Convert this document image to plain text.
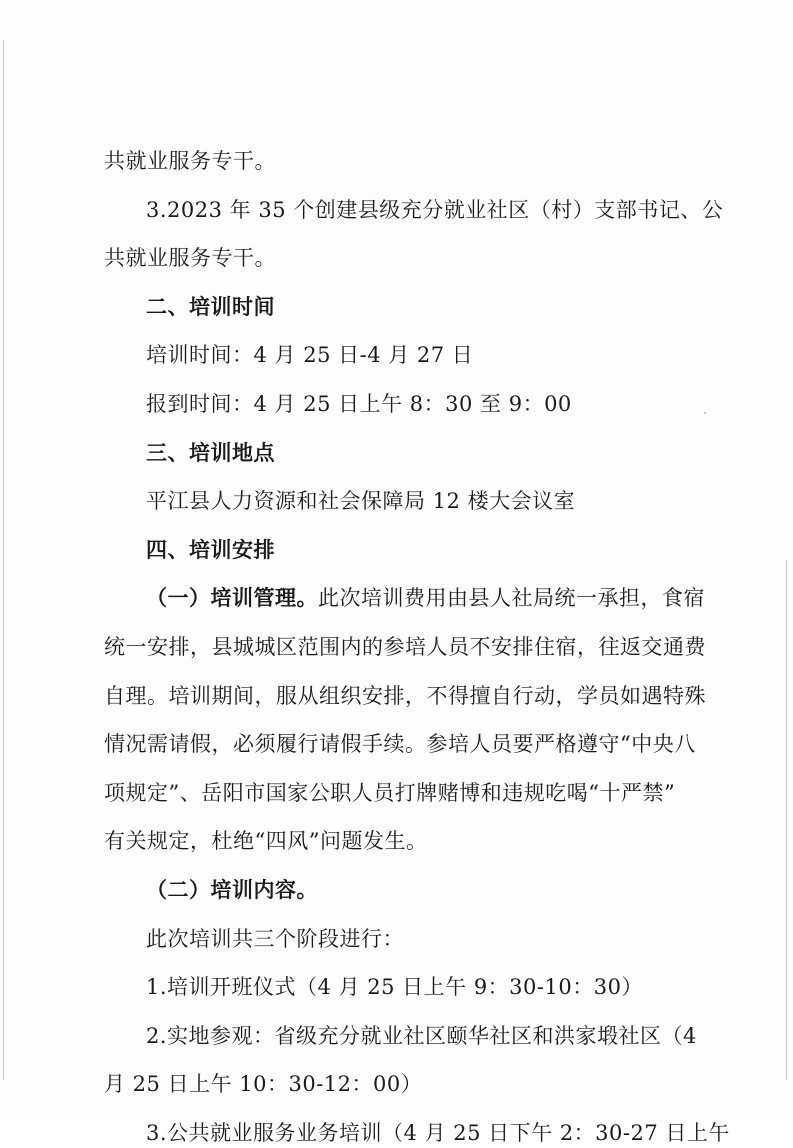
共就业服务专干。
3.2023 年 35 个创建县级充分就业社区（村）支部书记、公
共就业服务专干。
二、培训时间
培训时间：4 月 25 日-4 月 27 日
报到时间：4 月 25 日上午 8：30 至 9：00
三、培训地点
平江县人力资源和社会保障局 12 楼大会议室
四、培训安排
（一）培训管理。此次培训费用由县人社局统一承担，食宿
统一安排，县城城区范围内的参培人员不安排住宿，往返交通费
自理。培训期间，服从组织安排，不得擅自行动，学员如遇特殊
情况需请假，必须履行请假手续。参培人员要严格遵守“中央八
项规定”、岳阳市国家公职人员打牌赌博和违规吃喝“十严禁”
有关规定，杜绝“四风”问题发生。
（二）培训内容。
此次培训共三个阶段进行：
1.培训开班仪式（4 月 25 日上午 9：30-10：30）
2.实地参观：省级充分就业社区颐华社区和洪家塅社区（4
月 25 日上午 10：30-12：00）
3.公共就业服务业务培训（4 月 25 日下午 2：30-27 日上午
